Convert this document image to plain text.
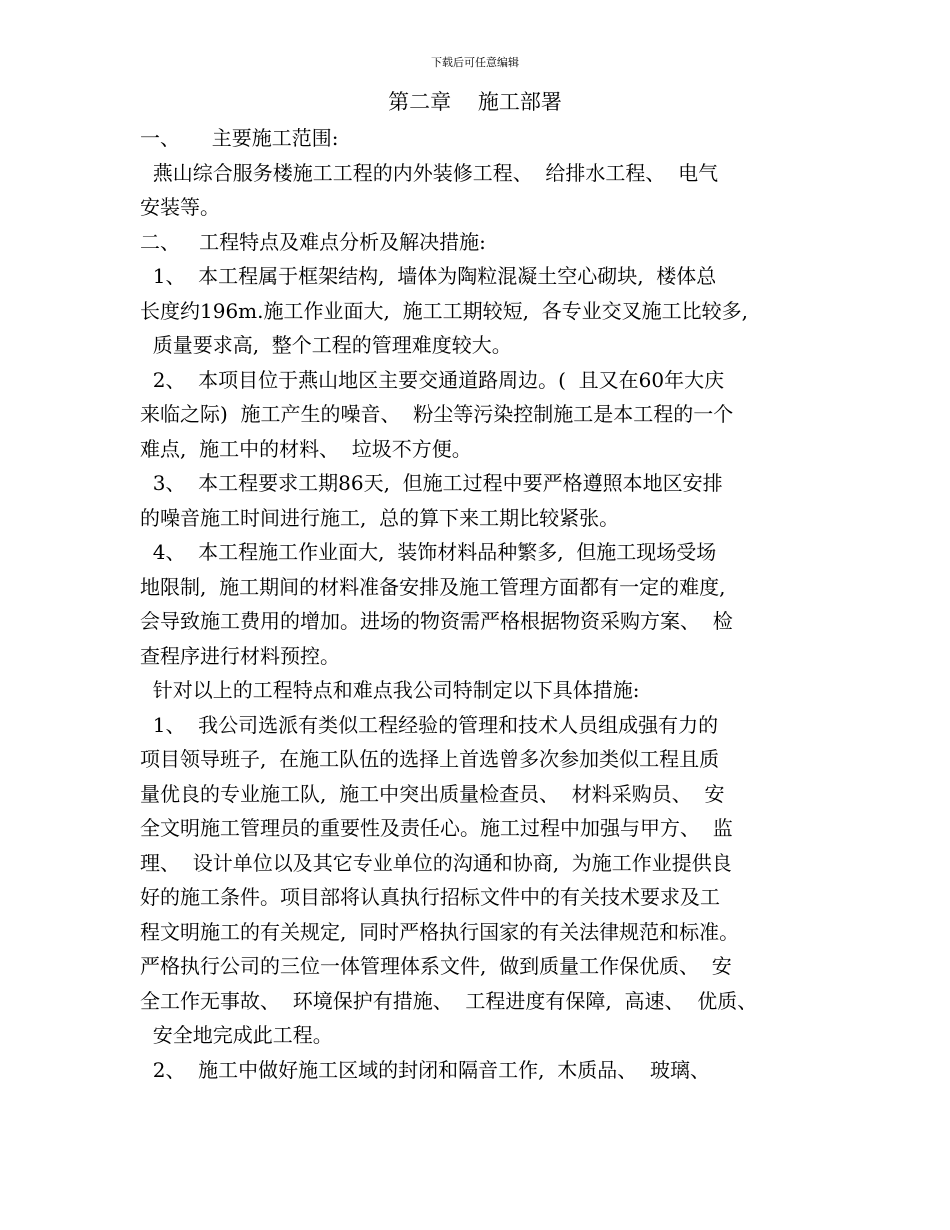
下载后可任意编辑
第二章    施工部署
一、     主要施工范围:
燕山综合服务楼施工工程的内外装修工程、  给排水工程、  电气
安装等。
二、   工程特点及难点分析及解决措施:
1、  本工程属于框架结构,  墙体为陶粒混凝土空心砌块,  楼体总
长度约196m.施工作业面大,  施工工期较短,  各专业交叉施工比较多,
质量要求高,  整个工程的管理难度较大。
2、  本项目位于燕山地区主要交通道路周边。(  且又在60年大庆
来临之际)  施工产生的噪音、  粉尘等污染控制施工是本工程的一个
难点,  施工中的材料、  垃圾不方便。
3、  本工程要求工期86天,  但施工过程中要严格遵照本地区安排
的噪音施工时间进行施工,  总的算下来工期比较紧张。
4、  本工程施工作业面大,  装饰材料品种繁多,  但施工现场受场
地限制,  施工期间的材料准备安排及施工管理方面都有一定的难度,
会导致施工费用的增加。进场的物资需严格根据物资采购方案、  检
查程序进行材料预控。
针对以上的工程特点和难点我公司特制定以下具体措施:
1、  我公司选派有类似工程经验的管理和技术人员组成强有力的
项目领导班子,  在施工队伍的选择上首选曾多次参加类似工程且质
量优良的专业施工队,  施工中突出质量检查员、  材料采购员、  安
全文明施工管理员的重要性及责任心。施工过程中加强与甲方、  监
理、  设计单位以及其它专业单位的沟通和协商,  为施工作业提供良
好的施工条件。项目部将认真执行招标文件中的有关技术要求及工
程文明施工的有关规定,  同时严格执行国家的有关法律规范和标准。
严格执行公司的三位一体管理体系文件,  做到质量工作保优质、  安
全工作无事故、  环境保护有措施、  工程进度有保障,  高速、  优质、
安全地完成此工程。
2、  施工中做好施工区域的封闭和隔音工作,  木质品、  玻璃、
